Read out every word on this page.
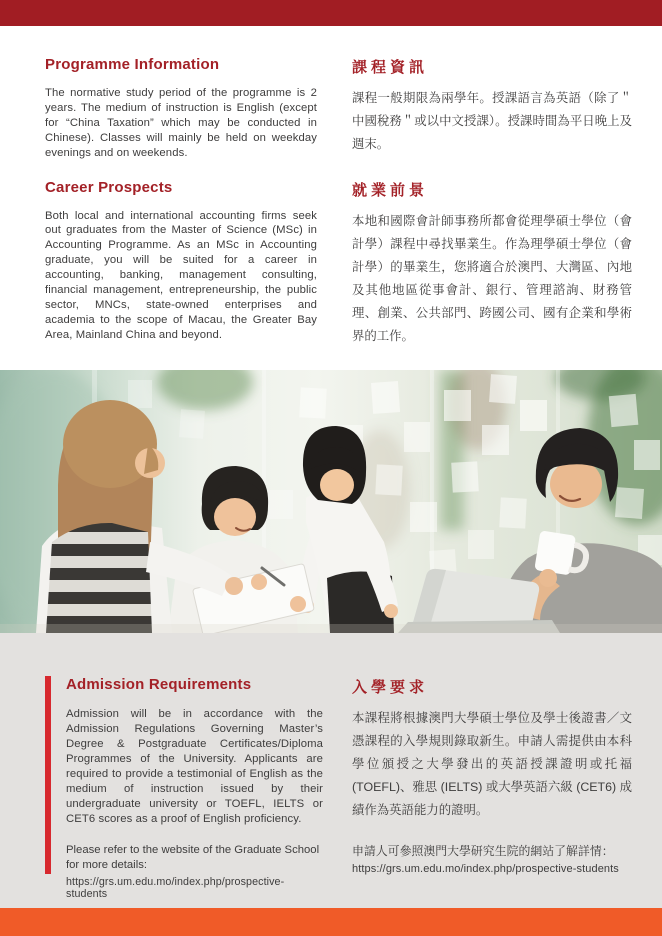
Programme Information

The normative study period of the programme is 2 years. The medium of instruction is English (except for “China Taxation” which may be conducted in Chinese). Classes will mainly be held on weekday evenings and on weekends.

課程資訊

課程一般期限為兩學年。授課語言為英語（除了＂中國稅務＂或以中文授課）。授課時間為平日晚上及週末。

Career Prospects

Both local and international accounting firms seek out graduates from the Master of Science (MSc) in Accounting Programme. As an MSc in Accounting graduate, you will be suited for a career in accounting, banking, management consulting, financial management, entrepreneurship, the public sector, MNCs, state-owned enterprises and academia to the scope of Macau, the Greater Bay Area, Mainland China and beyond.

就業前景

本地和國際會計師事務所都會從理學碩士學位（會計學）課程中尋找畢業生。作為理學碩士學位（會計學）的畢業生，您將適合於澳門、大灣區、內地及其他地區從事會計、銀行、管理諮詢、財務管理、創業、公共部門、跨國公司、國有企業和學術界的工作。

Admission Requirements

Admission will be in accordance with the Admission Regulations Governing Master’s Degree & Postgraduate Certificates/Diploma Programmes of the University. Applicants are required to provide a testimonial of English as the medium of instruction issued by their undergraduate university or TOEFL, IELTS or CET6 scores as a proof of English proficiency.

Please refer to the website of the Graduate School for more details:

https://grs.um.edu.mo/index.php/prospective-students
入學要求

本課程將根據澳門大學碩士學位及學士後證書／文憑課程的入學規則錄取新生。申請人需提供由本科學位頒授之大學發出的英語授課證明或托福 (TOEFL)、雅思 (IELTS) 或大學英語六級 (CET6) 成績作為英語能力的證明。

申請人可參照澳門大學研究生院的網站了解詳情：

https://grs.um.edu.mo/index.php/prospective-students
